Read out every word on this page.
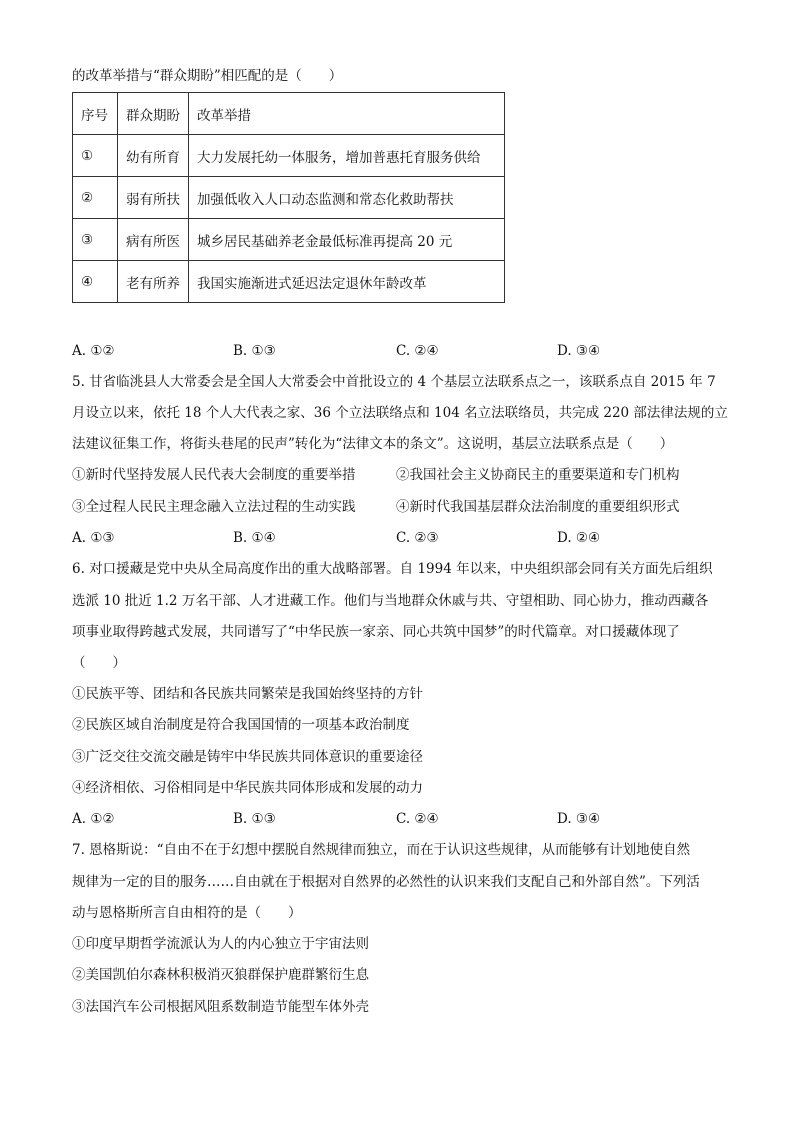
的改革举措与“群众期盼”相匹配的是（　　）
序号	群众期盼	改革举措
①	幼有所育	大力发展托幼一体服务，增加普惠托育服务供给
②	弱有所扶	加强低收入人口动态监测和常态化救助帮扶
③	病有所医	城乡居民基础养老金最低标准再提高 20 元
④	老有所养	我国实施渐进式延迟法定退休年龄改革
A. ①②	B. ①③	C. ②④	D. ③④
5. 甘省临洮县人大常委会是全国人大常委会中首批设立的 4 个基层立法联系点之一，该联系点自 2015 年 7
月设立以来，依托 18 个人大代表之家、36 个立法联络点和 104 名立法联络员，共完成 220 部法律法规的立
法建议征集工作，将街头巷尾的民声”转化为“法律文本的条文”。这说明，基层立法联系点是（　　）
①新时代坚持发展人民代表大会制度的重要举措	②我国社会主义协商民主的重要渠道和专门机构
③全过程人民民主理念融入立法过程的生动实践	④新时代我国基层群众法治制度的重要组织形式
A. ①③	B. ①④	C. ②③	D. ②④
6. 对口援藏是党中央从全局高度作出的重大战略部署。自 1994 年以来，中央组织部会同有关方面先后组织
选派 10 批近 1.2 万名干部、人才进藏工作。他们与当地群众休戚与共、守望相助、同心协力，推动西藏各
项事业取得跨越式发展，共同谱写了“中华民族一家亲、同心共筑中国梦”的时代篇章。对口援藏体现了
（　　）
①民族平等、团结和各民族共同繁荣是我国始终坚持的方针
②民族区域自治制度是符合我国国情的一项基本政治制度
③广泛交往交流交融是铸牢中华民族共同体意识的重要途径
④经济相依、习俗相同是中华民族共同体形成和发展的动力
A. ①②	B. ①③	C. ②④	D. ③④
7. 恩格斯说：“自由不在于幻想中摆脱自然规律而独立，而在于认识这些规律，从而能够有计划地使自然
规律为一定的目的服务……自由就在于根据对自然界的必然性的认识来我们支配自己和外部自然”。下列活
动与恩格斯所言自由相符的是（　　）
①印度早期哲学流派认为人的内心独立于宇宙法则
②美国凯伯尔森林积极消灭狼群保护鹿群繁衍生息
③法国汽车公司根据风阻系数制造节能型车体外壳
